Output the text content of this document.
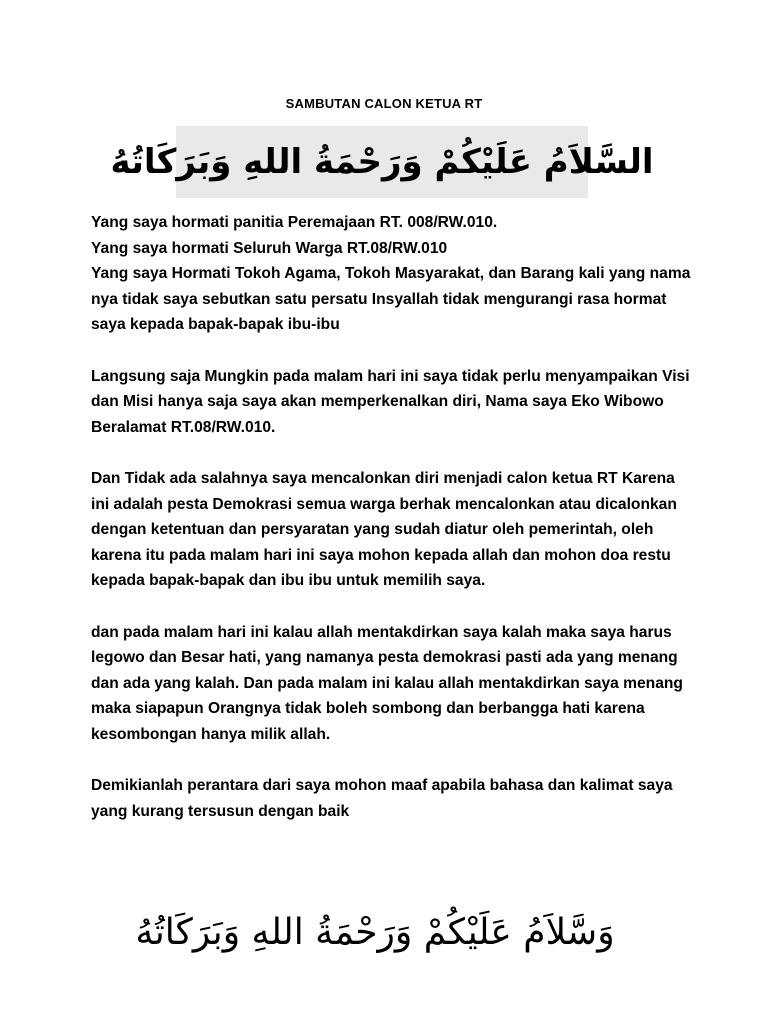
SAMBUTAN CALON KETUA RT
السَّلاَمُ عَلَيْكُمْ وَرَحْمَةُ اللهِ وَبَرَكَاتُهُ

Yang saya hormati panitia Peremajaan RT. 008/RW.010.
Yang saya hormati Seluruh Warga RT.08/RW.010
Yang saya Hormati Tokoh Agama, Tokoh Masyarakat, dan Barang kali yang nama nya tidak saya sebutkan satu persatu Insyallah tidak mengurangi rasa hormat saya kepada bapak-bapak ibu-ibu

Langsung saja Mungkin pada malam hari ini saya tidak perlu menyampaikan Visi dan Misi hanya saja saya akan memperkenalkan diri, Nama saya Eko Wibowo Beralamat RT.08/RW.010.

Dan Tidak ada salahnya saya mencalonkan diri menjadi calon ketua RT Karena ini adalah pesta Demokrasi semua warga berhak mencalonkan atau dicalonkan dengan ketentuan dan persyaratan yang sudah diatur oleh pemerintah, oleh karena itu pada malam hari ini saya mohon kepada allah dan mohon doa restu kepada bapak-bapak dan ibu ibu untuk memilih saya.

dan pada malam hari ini kalau allah mentakdirkan saya kalah maka saya harus legowo dan Besar hati, yang namanya pesta demokrasi pasti ada yang menang dan ada yang kalah. Dan pada malam ini kalau allah mentakdirkan saya menang maka siapapun Orangnya tidak boleh sombong dan berbangga hati karena kesombongan hanya milik allah.

Demikianlah perantara dari saya mohon maaf apabila bahasa dan kalimat saya yang kurang tersusun dengan baik

وَسَّلاَمُ عَلَيْكُمْ وَرَحْمَةُ اللهِ وَبَرَكَاتُهُ
